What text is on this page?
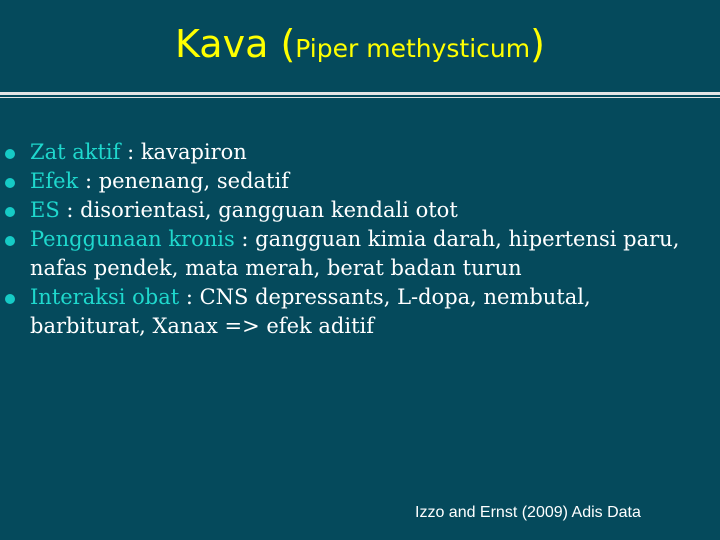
Kava (Piper methysticum)
Zat aktif : kavapiron
Efek : penenang, sedatif
ES : disorientasi, gangguan kendali otot
Penggunaan kronis : gangguan kimia darah, hipertensi paru, nafas pendek, mata merah, berat badan turun
Interaksi obat : CNS depressants, L-dopa, nembutal, barbiturat, Xanax => efek aditif
Izzo and Ernst (2009) Adis Data
